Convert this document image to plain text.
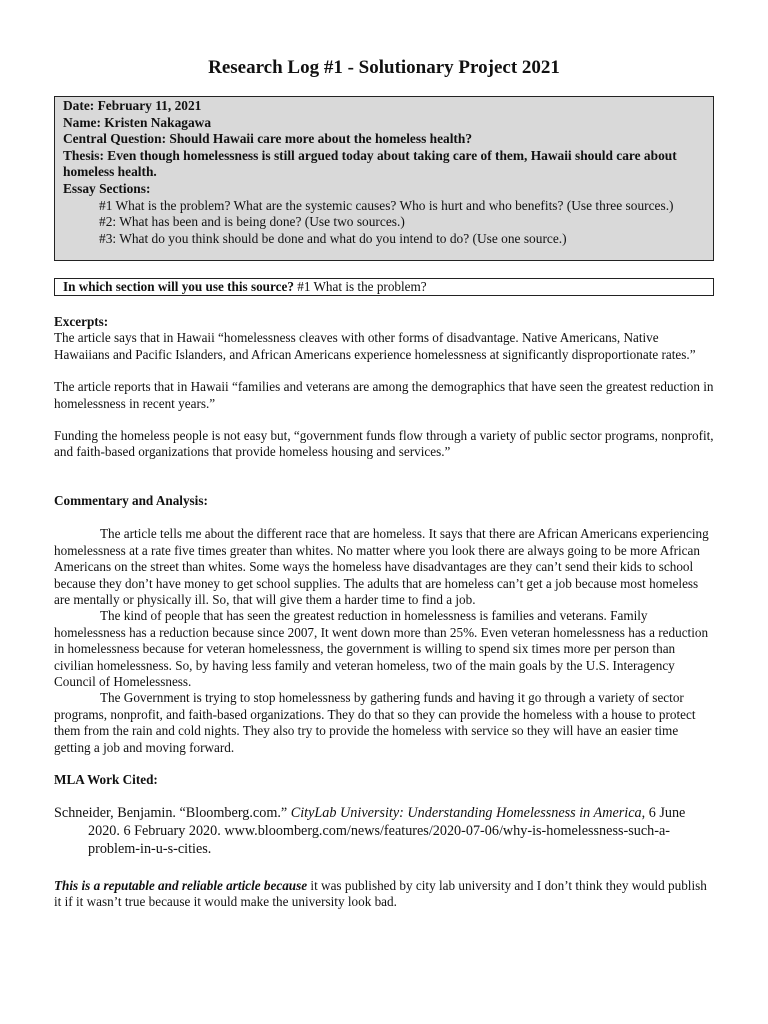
Research Log #1 - Solutionary Project 2021
Date: February 11, 2021
Name: Kristen Nakagawa
Central Question: Should Hawaii care more about the homeless health?
Thesis: Even though homelessness is still argued today about taking care of them, Hawaii should care about homeless health.
Essay Sections:
#1 What is the problem? What are the systemic causes? Who is hurt and who benefits? (Use three sources.)
#2: What has been and is being done? (Use two sources.)
#3: What do you think should be done and what do you intend to do? (Use one source.)
In which section will you use this source? #1 What is the problem?
Excerpts:

The article says that in Hawaii “homelessness cleaves with other forms of disadvantage. Native Americans, Native Hawaiians and Pacific Islanders, and African Americans experience homelessness at significantly disproportionate rates.”

The article reports that in Hawaii “families and veterans are among the demographics that have seen the greatest reduction in homelessness in recent years.”

Funding the homeless people is not easy but, “government funds flow through a variety of public sector programs, nonprofit, and faith-based organizations that provide homeless housing and services.”

Commentary and Analysis:

The article tells me about the different race that are homeless. It says that there are African Americans experiencing homelessness at a rate five times greater than whites. No matter where you look there are always going to be more African Americans on the street than whites. Some ways the homeless have disadvantages are they can’t send their kids to school because they don’t have money to get school supplies. The adults that are homeless can’t get a job because most homeless are mentally or physically ill. So, that will give them a harder time to find a job.

The kind of people that has seen the greatest reduction in homelessness is families and veterans. Family homelessness has a reduction because since 2007, It went down more than 25%. Even veteran homelessness has a reduction in homelessness because for veteran homelessness, the government is willing to spend six times more per person than civilian homelessness. So, by having less family and veteran homeless, two of the main goals by the U.S. Interagency Council of Homelessness.

The Government is trying to stop homelessness by gathering funds and having it go through a variety of sector programs, nonprofit, and faith-based organizations. They do that so they can provide the homeless with a house to protect them from the rain and cold nights. They also try to provide the homeless with service so they will have an easier time getting a job and moving forward.

MLA Work Cited:

Schneider, Benjamin. “Bloomberg.com.” CityLab University: Understanding Homelessness in America, 6 June 2020. 6 February 2020. www.bloomberg.com/news/features/2020-07-06/why-is-homelessness-such-a-problem-in-u-s-cities.

This is a reputable and reliable article because it was published by city lab university and I don’t think they would publish it if it wasn’t true because it would make the university look bad.
